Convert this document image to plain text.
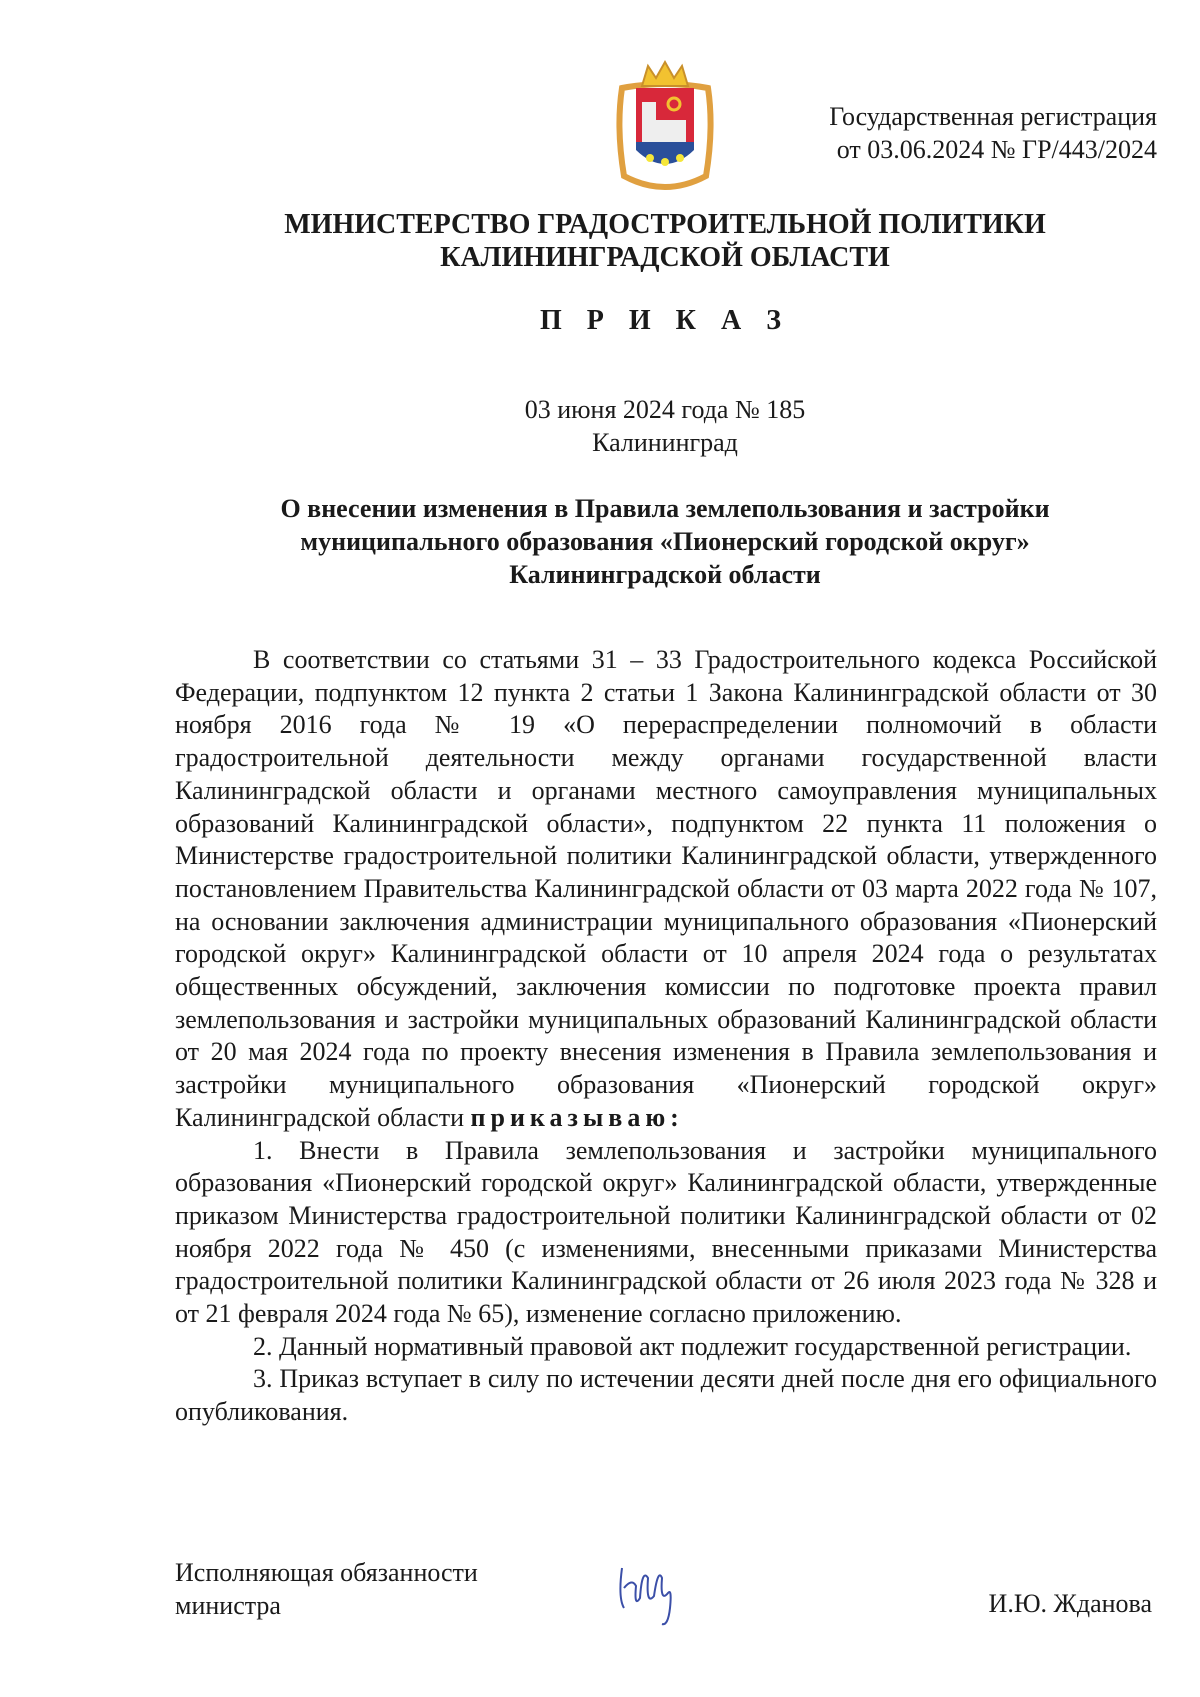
Государственная регистрация
от 03.06.2024 № ГР/443/2024
МИНИСТЕРСТВО ГРАДОСТРОИТЕЛЬНОЙ ПОЛИТИКИ
КАЛИНИНГРАДСКОЙ ОБЛАСТИ
П Р И К А З
03 июня 2024 года № 185
Калининград
О внесении изменения в Правила землепользования и застройки
муниципального образования «Пионерский городской округ»
Калининградской области

В соответствии со статьями 31 – 33 Градостроительного кодекса Российской Федерации, подпунктом 12 пункта 2 статьи 1 Закона Калининградской области от 30 ноября 2016 года № 19 «О перераспределении полномочий в области градостроительной деятельности между органами государственной власти Калининградской области и органами местного самоуправления муниципальных образований Калининградской области», подпунктом 22 пункта 11 положения о Министерстве градостроительной политики Калининградской области, утвержденного постановлением Правительства Калининградской области от 03 марта 2022 года № 107, на основании заключения администрации муниципального образования «Пионерский городской округ» Калининградской области от 10 апреля 2024 года о результатах общественных обсуждений, заключения комиссии по подготовке проекта правил землепользования и застройки муниципальных образований Калининградской области от 20 мая 2024 года по проекту внесения изменения в Правила землепользования и застройки муниципального образования «Пионерский городской округ» Калининградской области приказываю:

1. Внести в Правила землепользования и застройки муниципального образования «Пионерский городской округ» Калининградской области, утвержденные приказом Министерства градостроительной политики Калининградской области от 02 ноября 2022 года № 450 (с изменениями, внесенными приказами Министерства градостроительной политики Калининградской области от 26 июля 2023 года № 328 и от 21 февраля 2024 года № 65), изменение согласно приложению.

2. Данный нормативный правовой акт подлежит государственной регистрации.

3. Приказ вступает в силу по истечении десяти дней после дня его официального опубликования.

Исполняющая обязанности
министра	И.Ю. Жданова
